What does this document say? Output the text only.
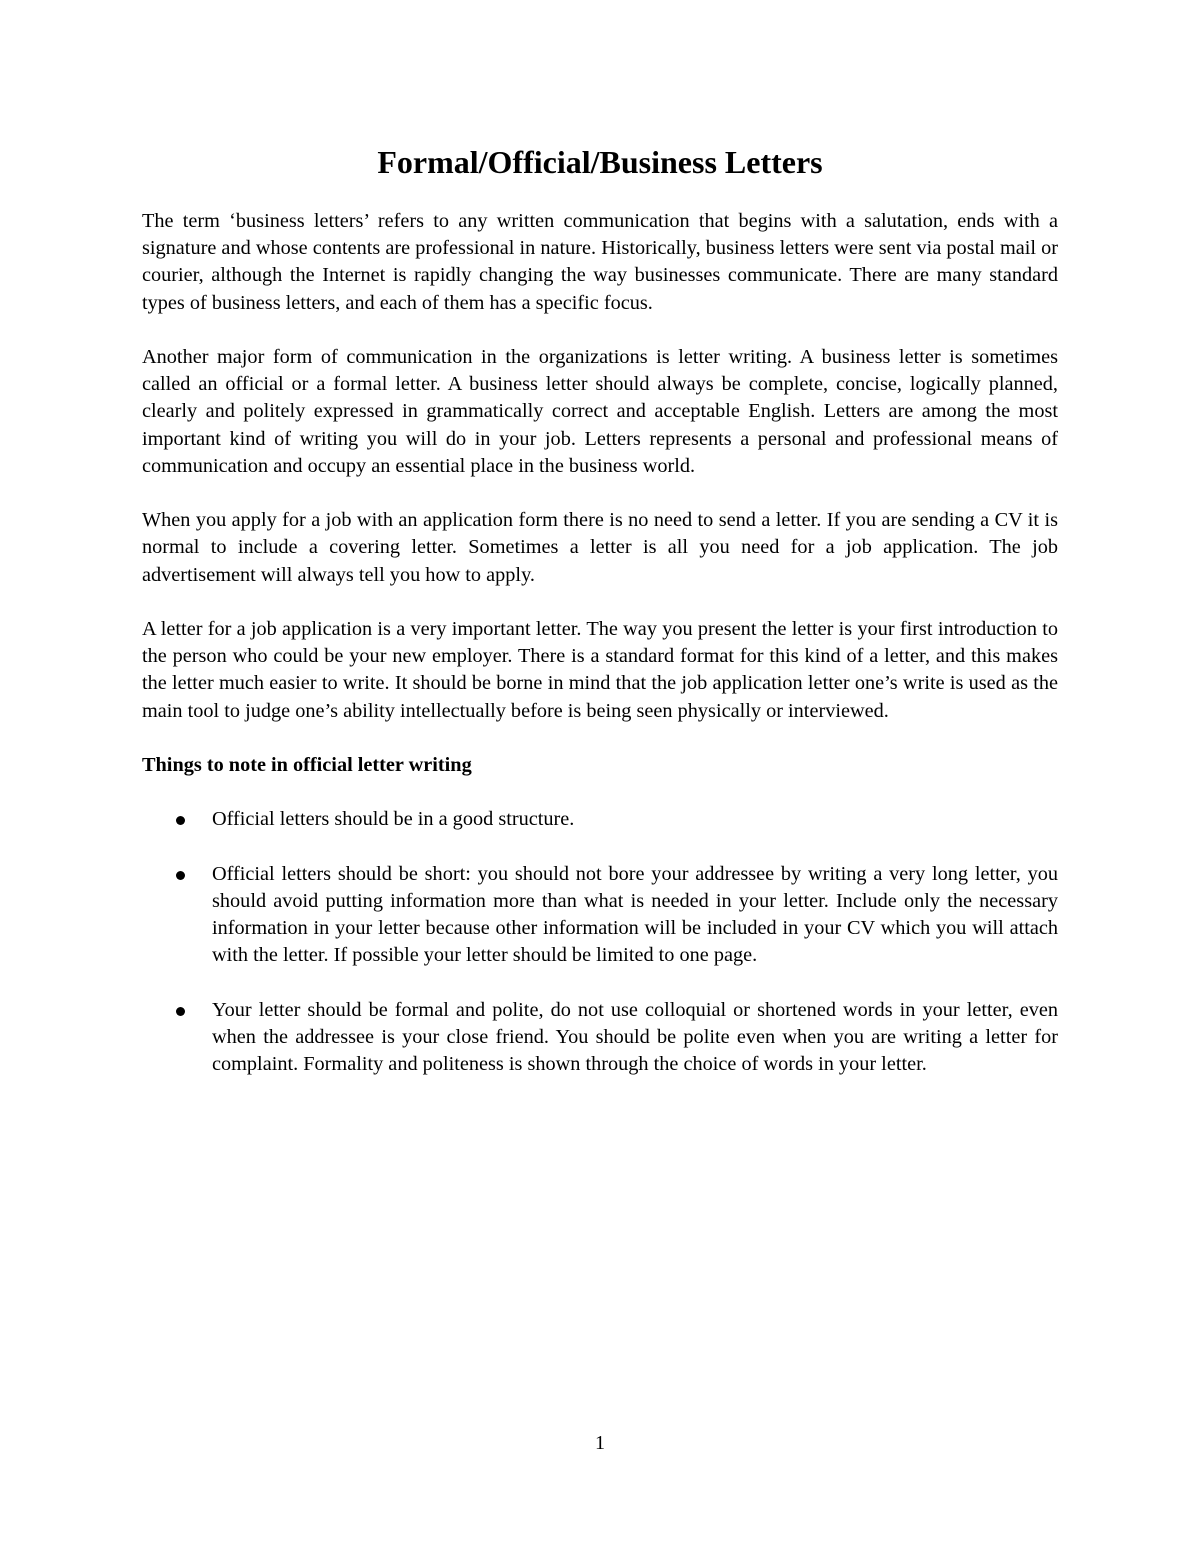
Formal/Official/Business Letters

The term ‘business letters’ refers to any written communication that begins with a salutation, ends with a signature and whose contents are professional in nature. Historically, business letters were sent via postal mail or courier, although the Internet is rapidly changing the way businesses communicate. There are many standard types of business letters, and each of them has a specific focus.

Another major form of communication in the organizations is letter writing. A business letter is sometimes called an official or a formal letter. A business letter should always be complete, concise, logically planned, clearly and politely expressed in grammatically correct and acceptable English. Letters are among the most important kind of writing you will do in your job. Letters represents a personal and professional means of communication and occupy an essential place in the business world.

When you apply for a job with an application form there is no need to send a letter. If you are sending a CV it is normal to include a covering letter. Sometimes a letter is all you need for a job application. The job advertisement will always tell you how to apply.

A letter for a job application is a very important letter. The way you present the letter is your first introduction to the person who could be your new employer. There is a standard format for this kind of a letter, and this makes the letter much easier to write. It should be borne in mind that the job application letter one’s write is used as the main tool to judge one’s ability intellectually before is being seen physically or interviewed.

Things to note in official letter writing
Official letters should be in a good structure.
Official letters should be short: you should not bore your addressee by writing a very long letter, you should avoid putting information more than what is needed in your letter. Include only the necessary information in your letter because other information will be included in your CV which you will attach with the letter. If possible your letter should be limited to one page.
Your letter should be formal and polite, do not use colloquial or shortened words in your letter, even when the addressee is your close friend. You should be polite even when you are writing a letter for complaint. Formality and politeness is shown through the choice of words in your letter.
1
